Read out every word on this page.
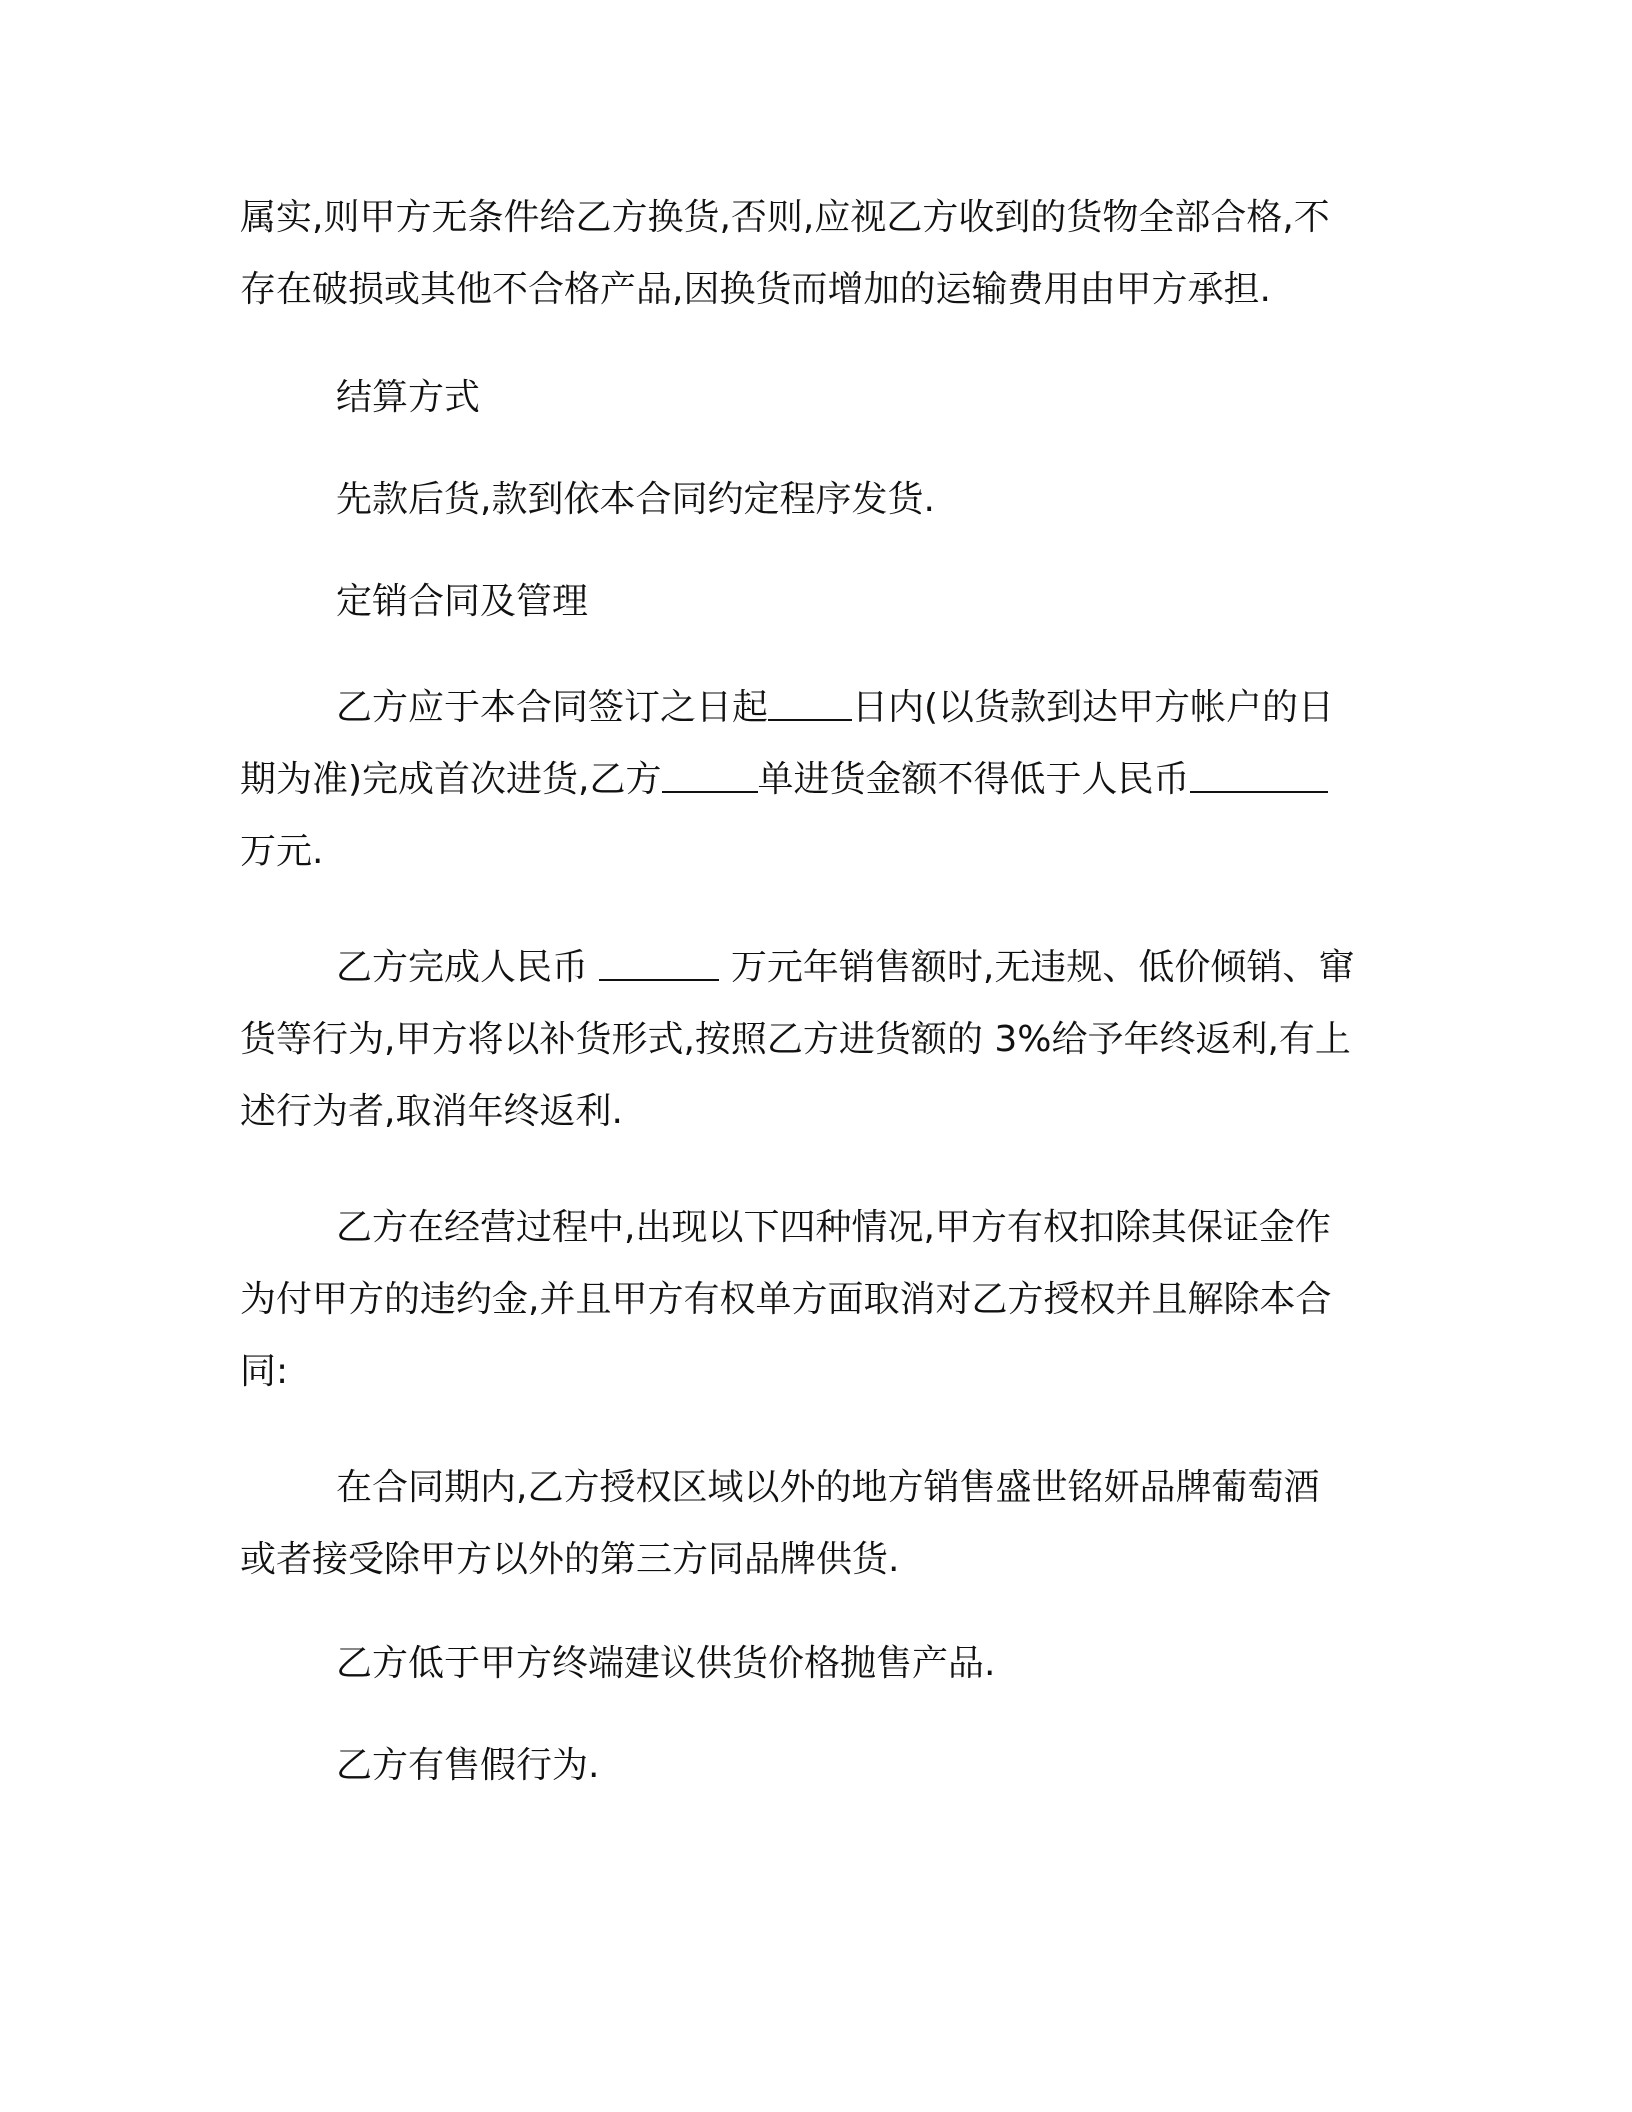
属实,则甲方无条件给乙方换货,否则,应视乙方收到的货物全部合格,不
存在破损或其他不合格产品,因换货而增加的运输费用由甲方承担.
结算方式
先款后货,款到依本合同约定程序发货.
定销合同及管理
乙方应于本合同签订之日起 日内(以货款到达甲方帐户的日
期为准)完成首次进货,乙方	单进货金额不得低于人民币
万元.
乙方完成人民币	万元年销售额时,无违规、低价倾销、窜
货等行为,甲方将以补货形式,按照乙方进货额的 3%给予年终返利,有上
述行为者,取消年终返利.
乙方在经营过程中,出现以下四种情况,甲方有权扣除其保证金作
为付甲方的违约金,并且甲方有权单方面取消对乙方授权并且解除本合
同:
在合同期内,乙方授权区域以外的地方销售盛世铭妍品牌葡萄酒
或者接受除甲方以外的第三方同品牌供货.
乙方低于甲方终端建议供货价格抛售产品.
乙方有售假行为.
